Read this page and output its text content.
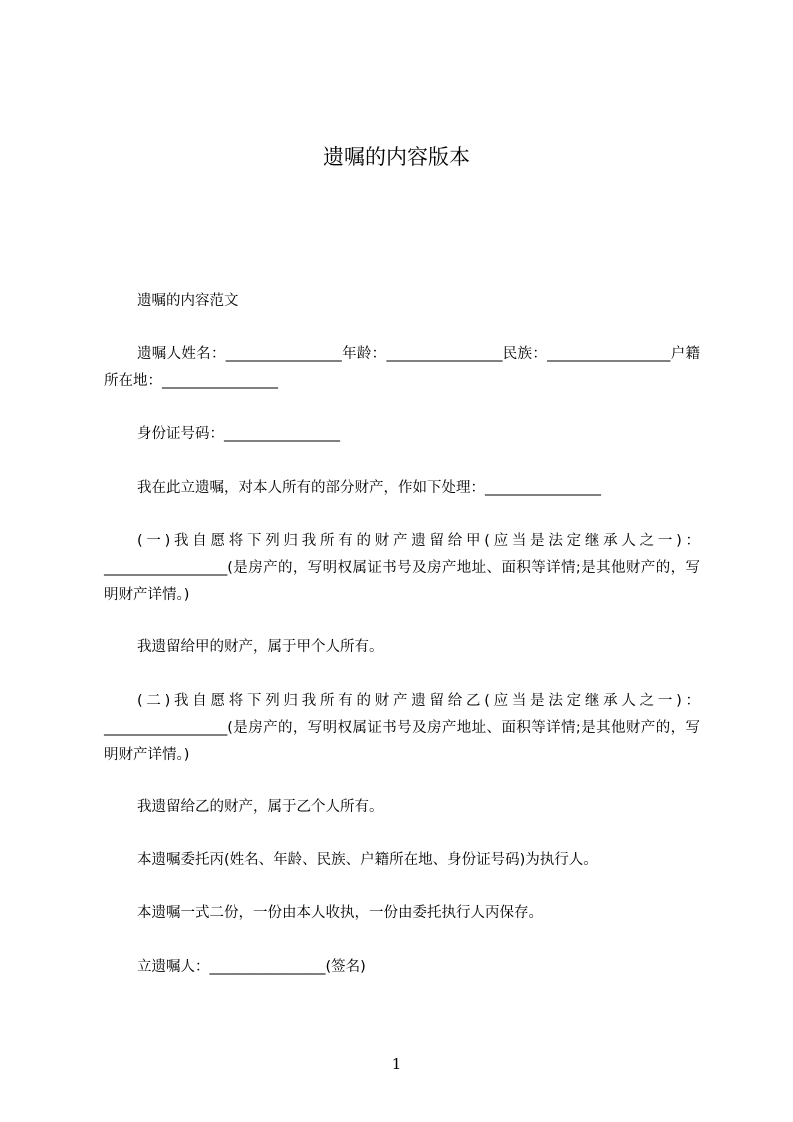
遗嘱的内容版本

遗嘱的内容范文

遗嘱人姓名：________________年龄：________________民族：_________________户籍所在地：________________

身份证号码：________________

我在此立遗嘱，对本人所有的部分财产，作如下处理：________________

(一)我自愿将下列归我所有的财产遗留给甲(应当是法定继承人之一)：_________________(是房产的，写明权属证书号及房产地址、面积等详情;是其他财产的，写明财产详情。)

我遗留给甲的财产，属于甲个人所有。

(二)我自愿将下列归我所有的财产遗留给乙(应当是法定继承人之一)：_________________(是房产的，写明权属证书号及房产地址、面积等详情;是其他财产的，写明财产详情。)

我遗留给乙的财产，属于乙个人所有。

本遗嘱委托丙(姓名、年龄、民族、户籍所在地、身份证号码)为执行人。

本遗嘱一式二份，一份由本人收执，一份由委托执行人丙保存。

立遗嘱人：________________(签名)

1
